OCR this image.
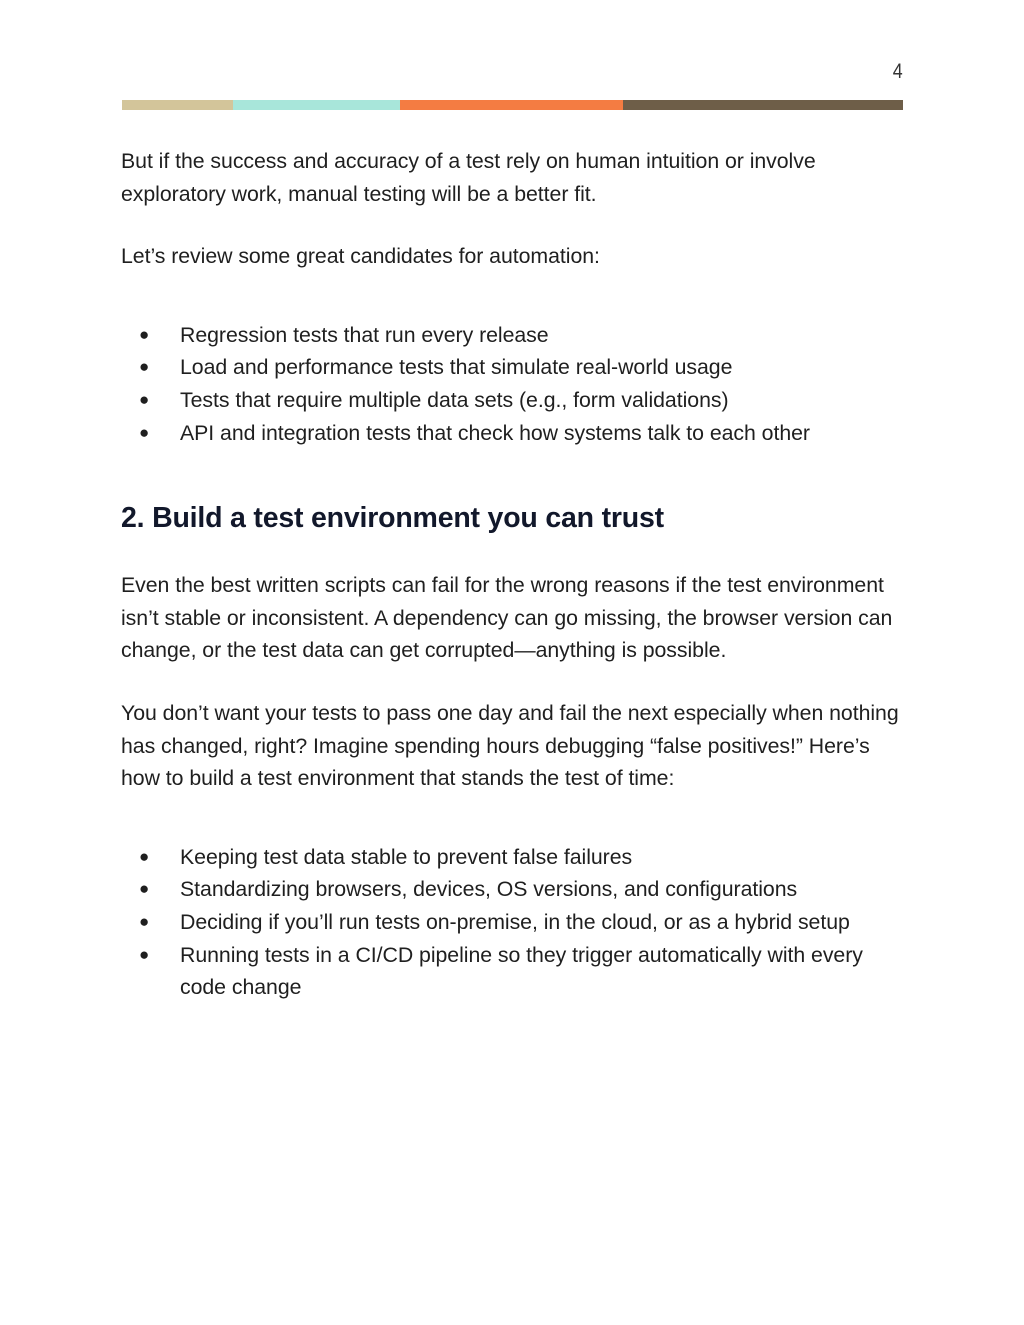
4

But if the success and accuracy of a test rely on human intuition or involve exploratory work, manual testing will be a better fit.

Let’s review some great candidates for automation:

● Regression tests that run every release
● Load and performance tests that simulate real-world usage
● Tests that require multiple data sets (e.g., form validations)
● API and integration tests that check how systems talk to each other
2. Build a test environment you can trust

Even the best written scripts can fail for the wrong reasons if the test environment isn’t stable or inconsistent. A dependency can go missing, the browser version can change, or the test data can get corrupted—anything is possible.

You don’t want your tests to pass one day and fail the next especially when nothing has changed, right? Imagine spending hours debugging “false positives!” Here’s how to build a test environment that stands the test of time:

● Keeping test data stable to prevent false failures
● Standardizing browsers, devices, OS versions, and configurations
● Deciding if you’ll run tests on-premise, in the cloud, or as a hybrid setup
● Running tests in a CI/CD pipeline so they trigger automatically with every code change
